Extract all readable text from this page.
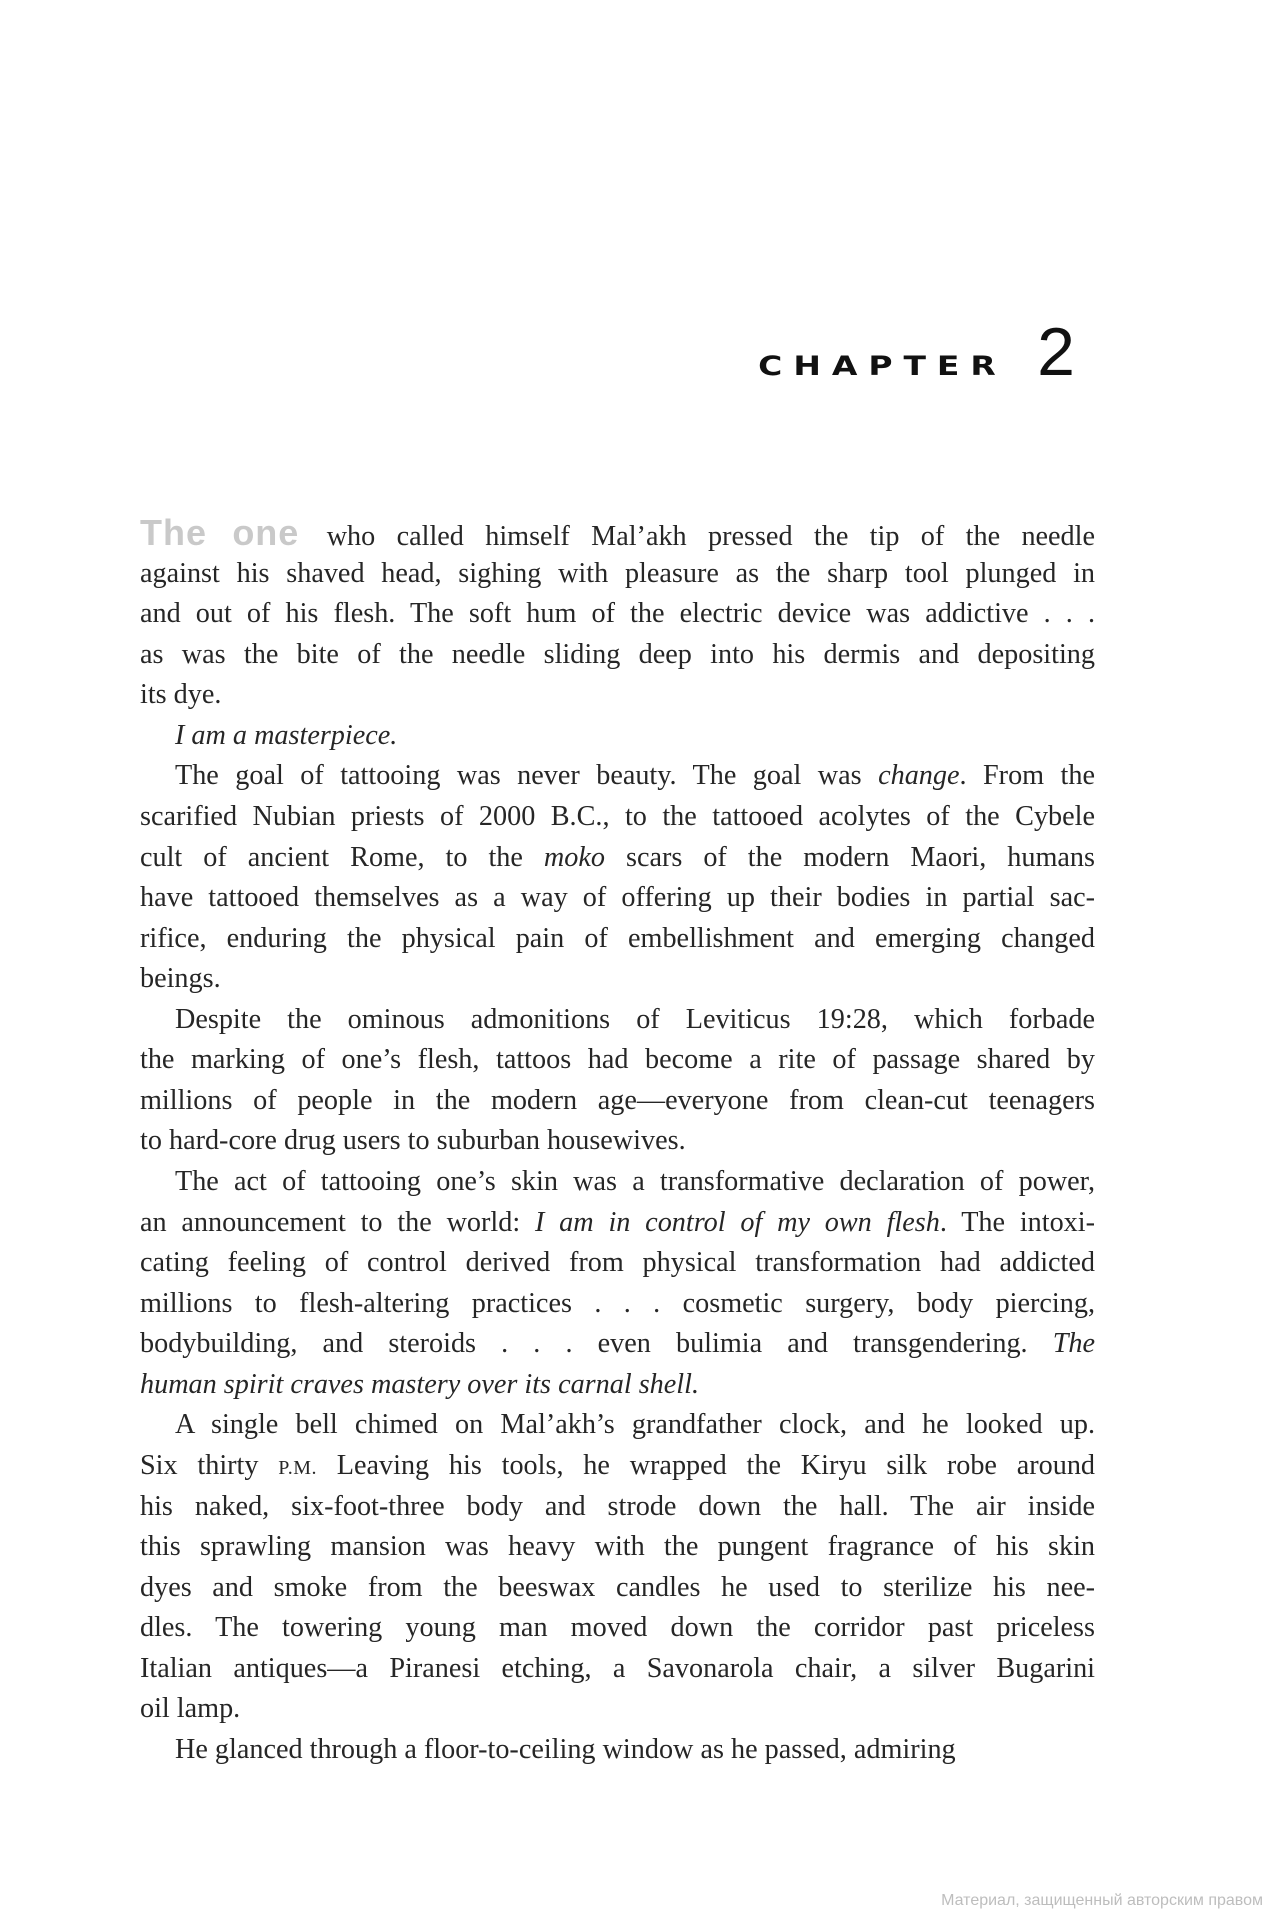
CHAPTER 2
The one who called himself Mal’akh pressed the tip of the needle
against his shaved head, sighing with pleasure as the sharp tool plunged in
and out of his flesh. The soft hum of the electric device was addictive . . .
as was the bite of the needle sliding deep into his dermis and depositing
its dye.
I am a masterpiece.
The goal of tattooing was never beauty. The goal was change. From the
scarified Nubian priests of 2000 B.C., to the tattooed acolytes of the Cybele
cult of ancient Rome, to the moko scars of the modern Maori, humans
have tattooed themselves as a way of offering up their bodies in partial sac-
rifice, enduring the physical pain of embellishment and emerging changed
beings.
Despite the ominous admonitions of Leviticus 19:28, which forbade
the marking of one’s flesh, tattoos had become a rite of passage shared by
millions of people in the modern age—everyone from clean-cut teenagers
to hard-core drug users to suburban housewives.
The act of tattooing one’s skin was a transformative declaration of power,
an announcement to the world: I am in control of my own flesh. The intoxi-
cating feeling of control derived from physical transformation had addicted
millions to flesh-altering practices . . . cosmetic surgery, body piercing,
bodybuilding, and steroids . . . even bulimia and transgendering. The
human spirit craves mastery over its carnal shell.
A single bell chimed on Mal’akh’s grandfather clock, and he looked up.
Six thirty P.M. Leaving his tools, he wrapped the Kiryu silk robe around
his naked, six-foot-three body and strode down the hall. The air inside
this sprawling mansion was heavy with the pungent fragrance of his skin
dyes and smoke from the beeswax candles he used to sterilize his nee-
dles. The towering young man moved down the corridor past priceless
Italian antiques—a Piranesi etching, a Savonarola chair, a silver Bugarini
oil lamp.
He glanced through a floor-to-ceiling window as he passed, admiring
Материал, защищенный авторским правом
